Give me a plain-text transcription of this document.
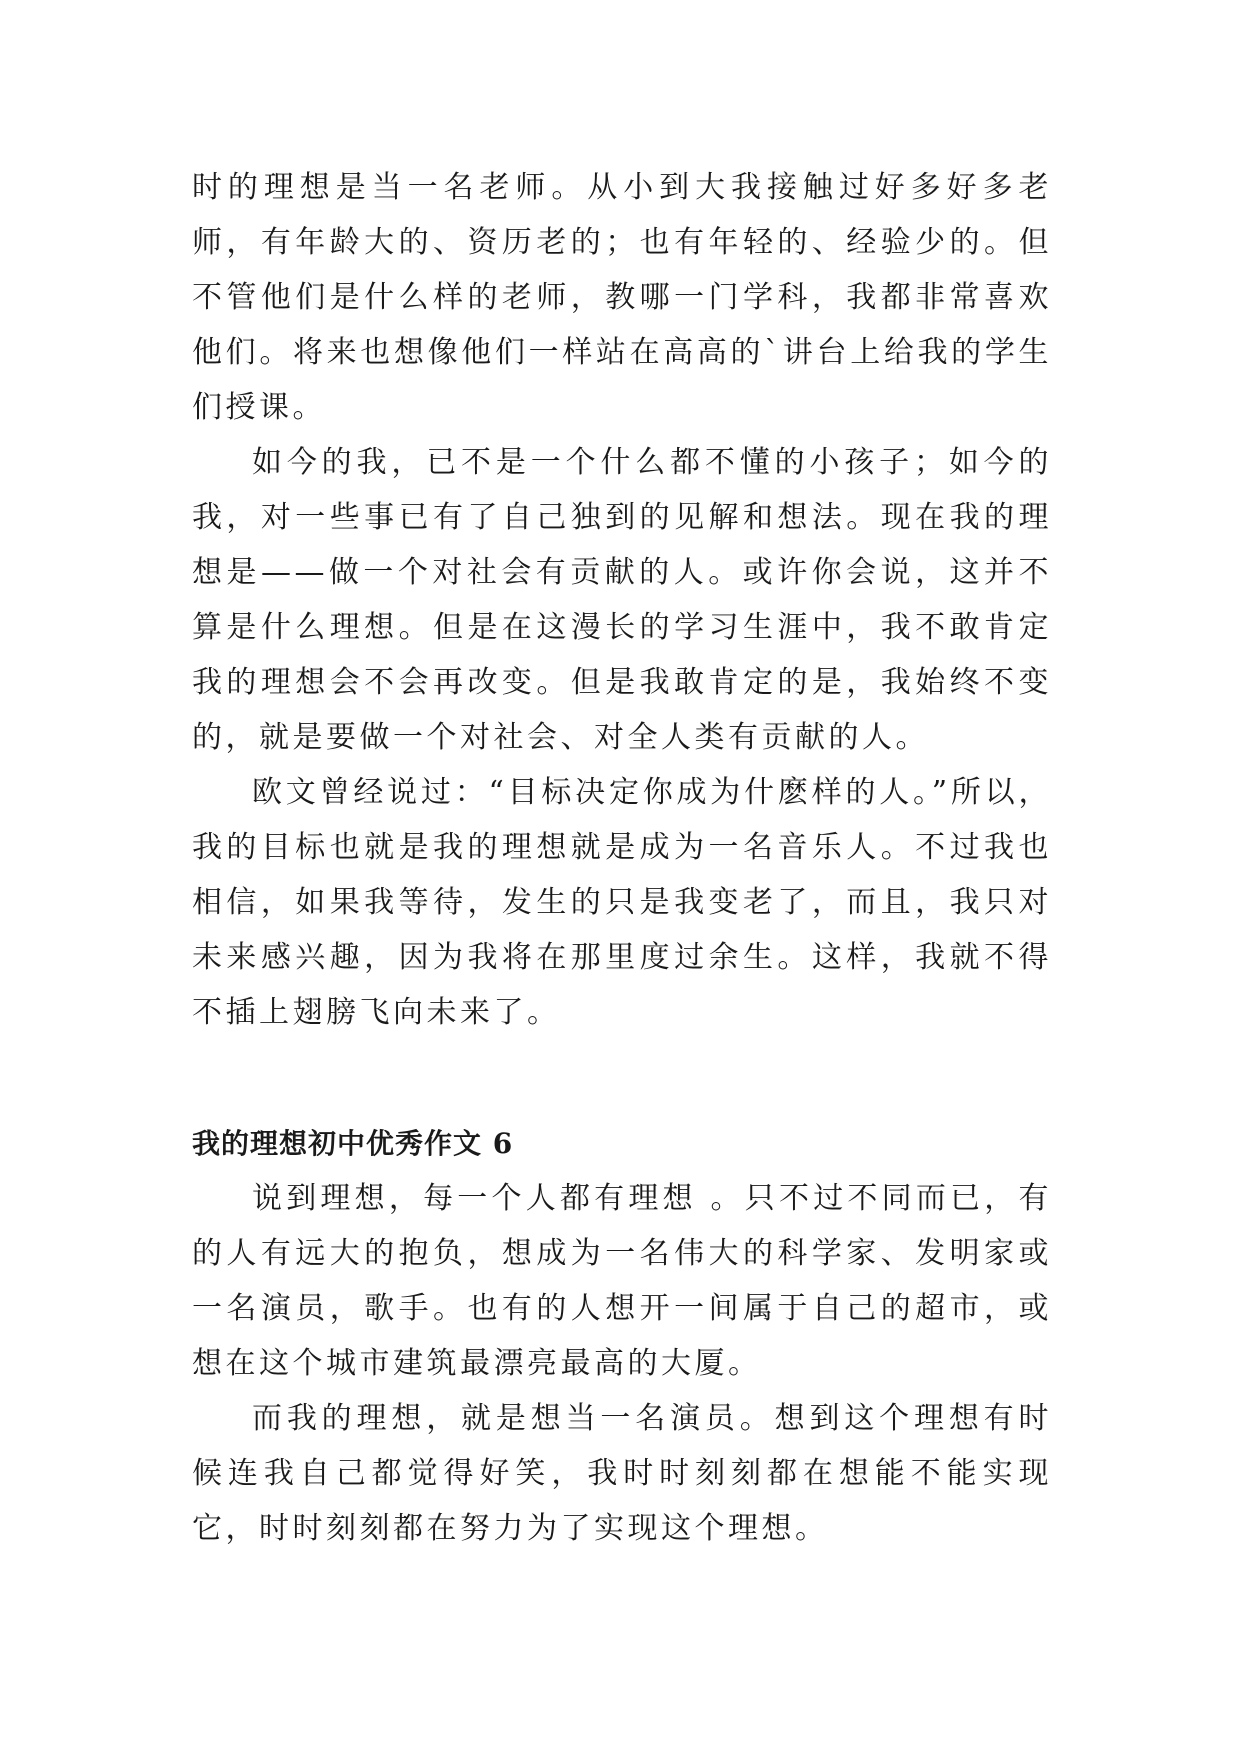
时的理想是当一名老师。从小到大我接触过好多好多老师，有年龄大的、资历老的；也有年轻的、经验少的。但不管他们是什么样的老师，教哪一门学科，我都非常喜欢他们。将来也想像他们一样站在高高的`讲台上给我的学生们授课。

如今的我，已不是一个什么都不懂的小孩子；如今的我，对一些事已有了自己独到的见解和想法。现在我的理想是——做一个对社会有贡献的人。或许你会说，这并不算是什么理想。但是在这漫长的学习生涯中，我不敢肯定我的理想会不会再改变。但是我敢肯定的是，我始终不变的，就是要做一个对社会、对全人类有贡献的人。

欧文曾经说过：“目标决定你成为什麽样的人。”所以，我的目标也就是我的理想就是成为一名音乐人。不过我也相信，如果我等待，发生的只是我变老了，而且，我只对未来感兴趣，因为我将在那里度过余生。这样，我就不得不插上翅膀飞向未来了。

我的理想初中优秀作文 6

说到理想，每一个人都有理想 。只不过不同而已，有的人有远大的抱负，想成为一名伟大的科学家、发明家或一名演员，歌手。也有的人想开一间属于自己的超市，或想在这个城市建筑最漂亮最高的大厦。

而我的理想，就是想当一名演员。想到这个理想有时候连我自己都觉得好笑，我时时刻刻都在想能不能实现它，时时刻刻都在努力为了实现这个理想。
